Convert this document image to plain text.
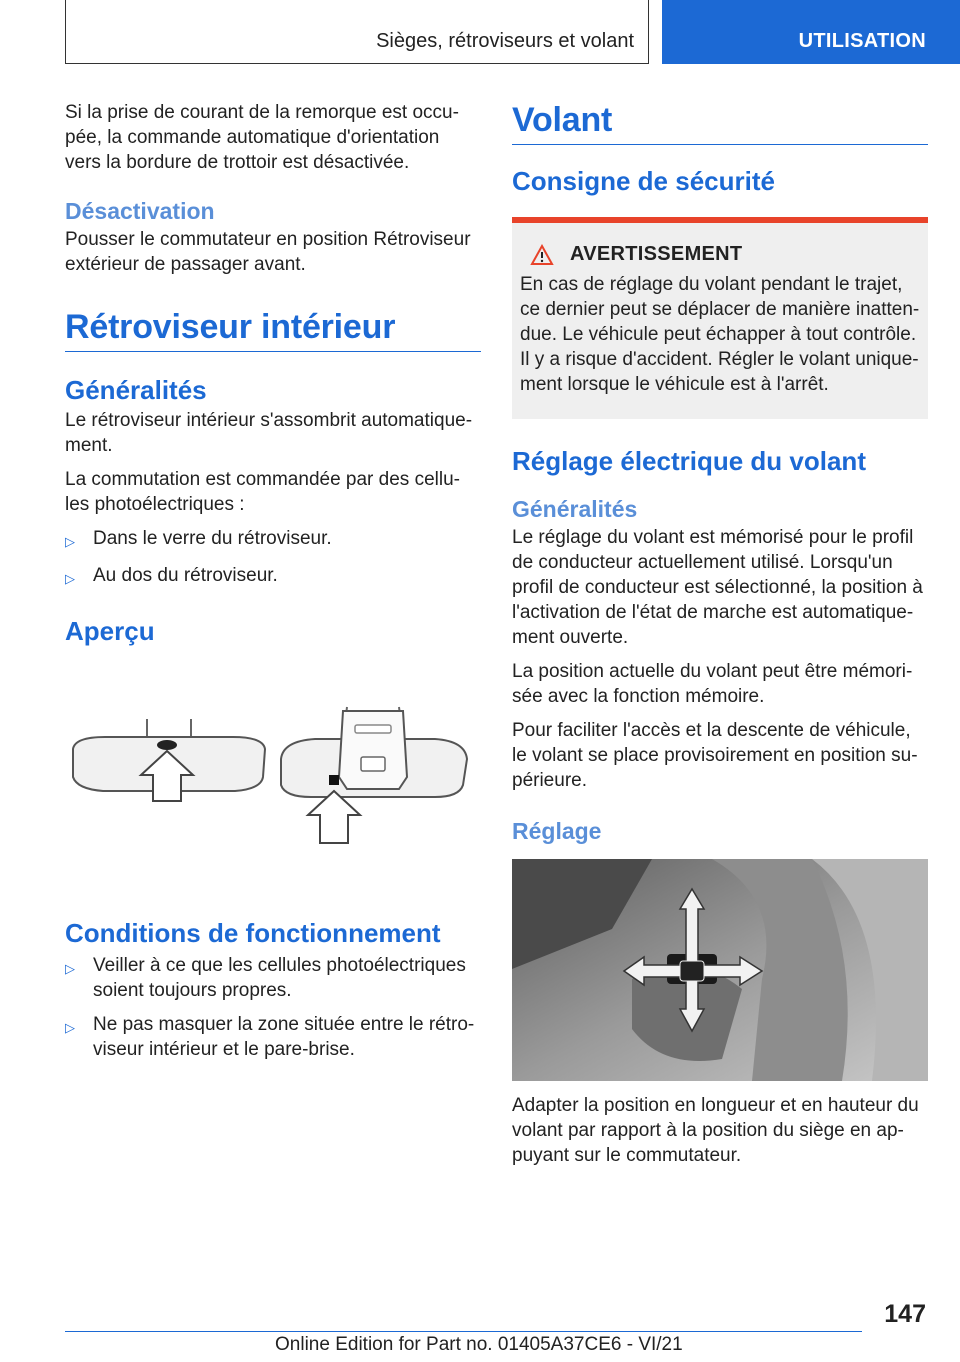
Sièges, rétroviseurs et volant	UTILISATION

Si la prise de courant de la remorque est occu-
pée, la commande automatique d'orientation
vers la bordure de trottoir est désactivée.

Désactivation

Pousser le commutateur en position Rétroviseur
extérieur de passager avant.

Rétroviseur intérieur
Généralités

Le rétroviseur intérieur s'assombrit automatique-
ment.

La commutation est commandée par des cellu-
les photoélectriques :

▷ Dans le verre du rétroviseur.
▷ Au dos du rétroviseur.
Aperçu
Conditions de fonctionnement
▷ Veiller à ce que les cellules photoélectriques
soient toujours propres.
▷ Ne pas masquer la zone située entre le rétro-
viseur intérieur et le pare-brise.
Volant
Consigne de sécurité
AVERTISSEMENT

En cas de réglage du volant pendant le trajet,
ce dernier peut se déplacer de manière inatten-
due. Le véhicule peut échapper à tout contrôle.
Il y a risque d'accident. Régler le volant unique-
ment lorsque le véhicule est à l'arrêt.

Réglage électrique du volant
Généralités

Le réglage du volant est mémorisé pour le profil
de conducteur actuellement utilisé. Lorsqu'un
profil de conducteur est sélectionné, la position à
l'activation de l'état de marche est automatique-
ment ouverte.

La position actuelle du volant peut être mémori-
sée avec la fonction mémoire.

Pour faciliter l'accès et la descente de véhicule,
le volant se place provisoirement en position su-
périeure.

Réglage

Adapter la position en longueur et en hauteur du
volant par rapport à la position du siège en ap-
puyant sur le commutateur.

147
Online Edition for Part no. 01405A37CE6 - VI/21
